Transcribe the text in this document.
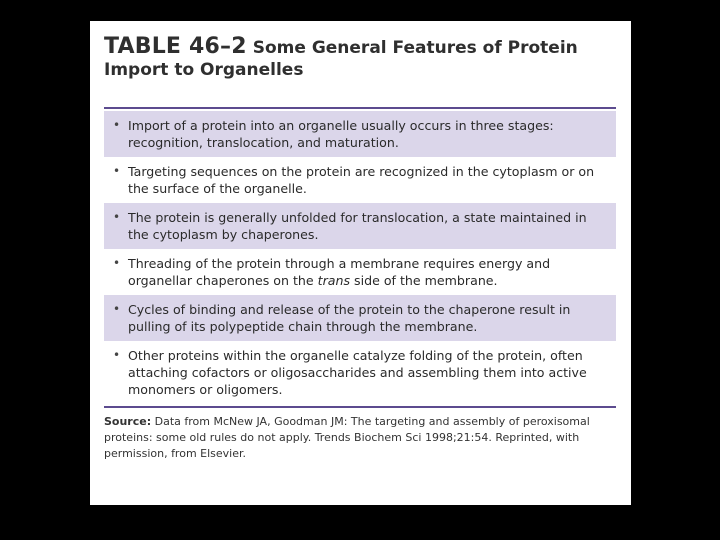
TABLE 46–2 Some General Features of Protein
Import to Organelles
• Import of a protein into an organelle usually occurs in three stages: recognition, translocation, and maturation.
• Targeting sequences on the protein are recognized in the cytoplasm or on the surface of the organelle.
• The protein is generally unfolded for translocation, a state maintained in the cytoplasm by chaperones.
• Threading of the protein through a membrane requires energy and organellar chaperones on the trans side of the membrane.
• Cycles of binding and release of the protein to the chaperone result in pulling of its polypeptide chain through the membrane.
• Other proteins within the organelle catalyze folding of the protein, often attaching cofactors or oligosaccharides and assembling them into active monomers or oligomers.
Source: Data from McNew JA, Goodman JM: The targeting and assembly of peroxisomal proteins: some old rules do not apply. Trends Biochem Sci 1998;21:54. Reprinted, with permission, from Elsevier.
